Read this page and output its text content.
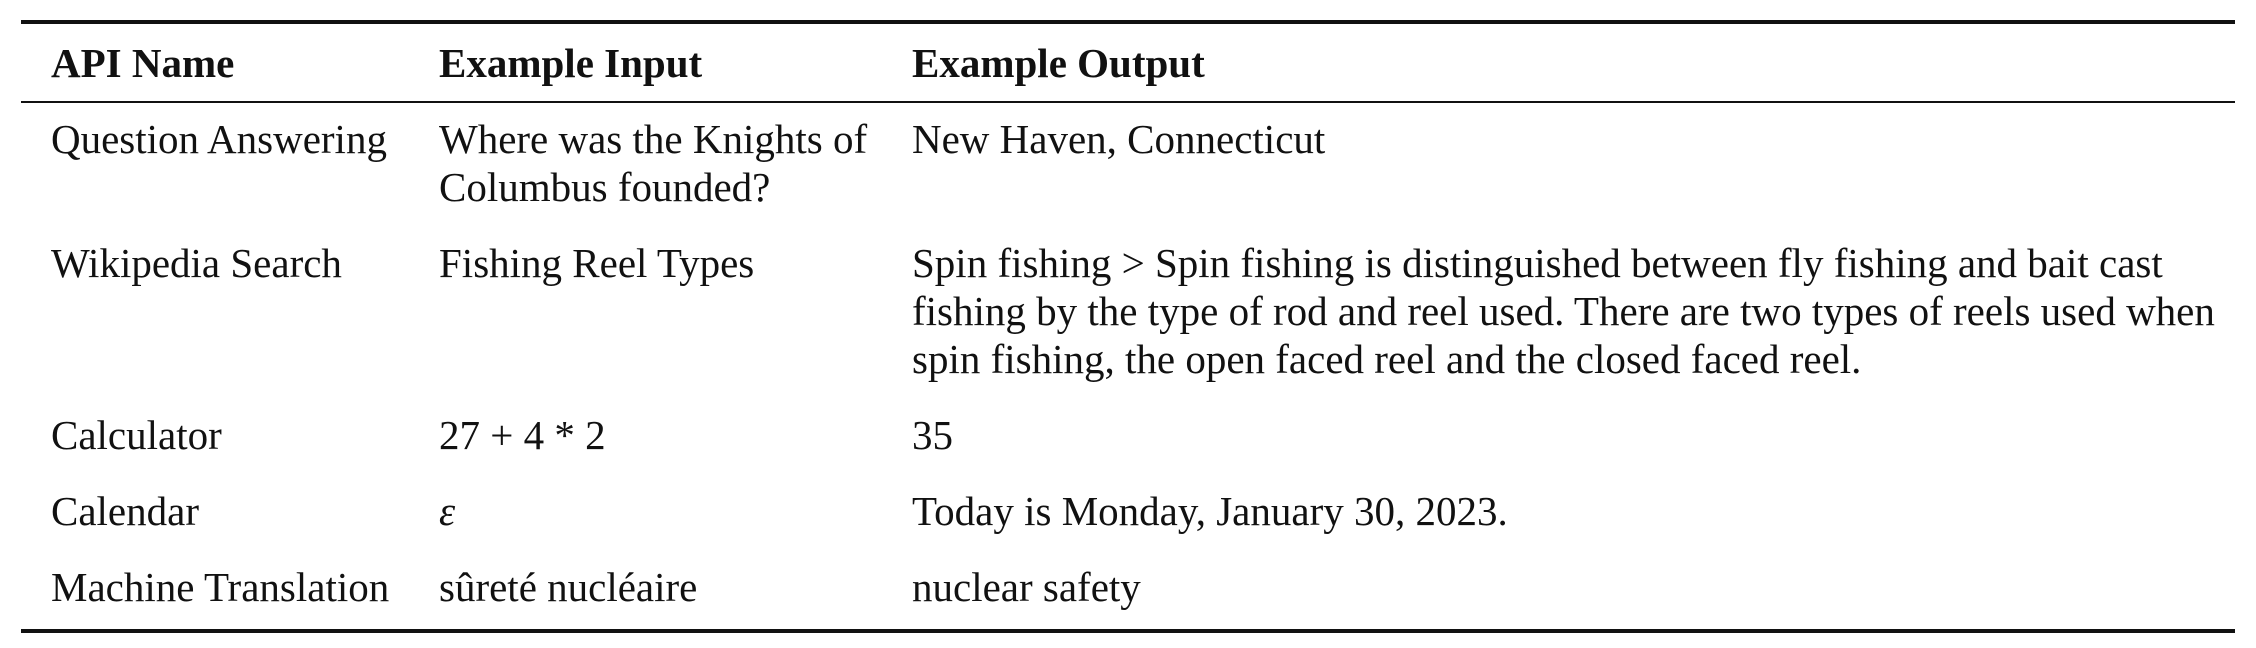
API Name	Example Input	Example Output
Question Answering	Where was the Knights of Columbus founded?	New Haven, Connecticut
Wikipedia Search	Fishing Reel Types	Spin fishing > Spin fishing is distinguished between fly fishing and bait cast fishing by the type of rod and reel used. There are two types of reels used when spin fishing, the open faced reel and the closed faced reel.
Calculator	27 + 4 * 2	35
Calendar	ε	Today is Monday, January 30, 2023.
Machine Translation	sûreté nucléaire	nuclear safety
